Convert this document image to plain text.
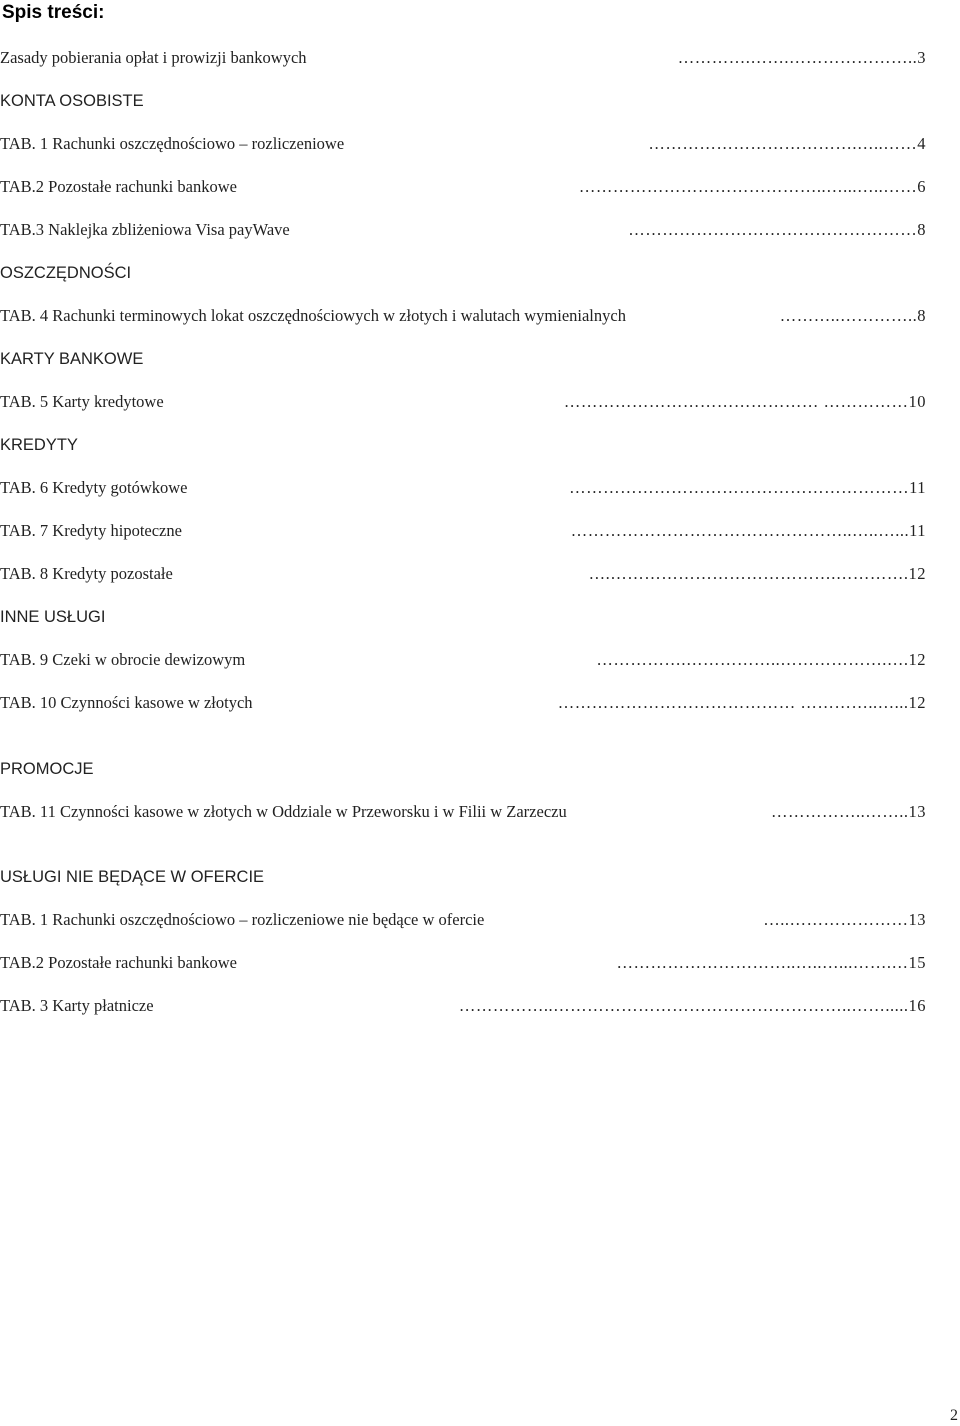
Spis treści:
Zasady pobierania opłat i prowizji bankowych	………….…….…………………..3
KONTA OSOBISTE
TAB. 1 Rachunki oszczędnościowo – rozliczeniowe	……………………………….…..……4
TAB.2 Pozostałe rachunki bankowe	……………………………………..…...…..……6
TAB.3 Naklejka zbliżeniowa Visa payWave	……………………………………………8
OSZCZĘDNOŚCI
TAB. 4 Rachunki terminowych lokat oszczędnościowych w złotych i walutach wymienialnych	………..…………..8
KARTY BANKOWE
TAB. 5 Karty kredytowe	……………………………………… ……………10
KREDYTY
TAB. 6 Kredyty gotówkowe	……………………………………………………11
TAB. 7 Kredyty hipoteczne	…………………………………………..…..…...11
TAB. 8 Kredyty pozostałe	….………………………………….………….12
INNE USŁUGI
TAB. 9 Czeki w obrocie dewizowym	…………….……………..……………….….12
TAB. 10 Czynności kasowe w złotych	…………………………………… …………..…...12
PROMOCJE
TAB. 11 Czynności kasowe w złotych w Oddziale w Przeworsku i w Filii w Zarzeczu	……………..……..13
USŁUGI NIE BĘDĄCE W OFERCIE
TAB. 1 Rachunki oszczędnościowo – rozliczeniowe nie będące w ofercie	…..…………………13
TAB.2 Pozostałe rachunki bankowe	…………………………..…..…...…….…15
TAB. 3 Karty płatnicze	……………..……………………………………………..…….....16
2
